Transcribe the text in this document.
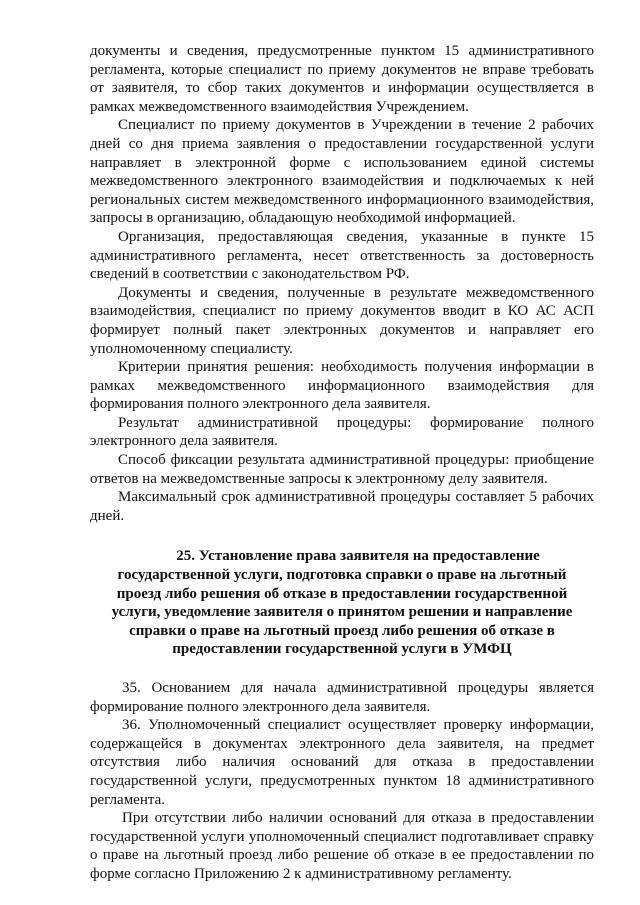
документы и сведения, предусмотренные пунктом 15 административного регламента, которые специалист по приему документов не вправе требовать от заявителя, то сбор таких документов и информации осуществляется в рамках межведомственного взаимодействия Учреждением.

Специалист по приему документов в Учреждении в течение 2 рабочих дней со дня приема заявления о предоставлении государственной услуги направляет в электронной форме с использованием единой системы межведомственного электронного взаимодействия и подключаемых к ней региональных систем межведомственного информационного взаимодействия, запросы в организацию, обладающую необходимой информацией.

Организация, предоставляющая сведения, указанные в пункте 15 административного регламента, несет ответственность за достоверность сведений в соответствии с законодательством РФ.

Документы и сведения, полученные в результате межведомственного взаимодействия, специалист по приему документов вводит в КО АС АСП формирует полный пакет электронных документов и направляет его уполномоченному специалисту.

Критерии принятия решения: необходимость получения информации в рамках межведомственного информационного взаимодействия для формирования полного электронного дела заявителя.

Результат административной процедуры: формирование полного электронного дела заявителя.

Способ фиксации результата административной процедуры: приобщение ответов на межведомственные запросы к электронному делу заявителя.

Максимальный срок административной процедуры составляет 5 рабочих дней.

25. Установление права заявителя на предоставление
государственной услуги, подготовка справки о праве на льготный
проезд либо решения об отказе в предоставлении государственной
услуги, уведомление заявителя о принятом решении и направление
справки о праве на льготный проезд либо решения об отказе в
предоставлении государственной услуги в УМФЦ

35. Основанием для начала административной процедуры является формирование полного электронного дела заявителя.

36. Уполномоченный специалист осуществляет проверку информации, содержащейся в документах электронного дела заявителя, на предмет отсутствия либо наличия оснований для отказа в предоставлении государственной услуги, предусмотренных пунктом 18 административного регламента.

При отсутствии либо наличии оснований для отказа в предоставлении государственной услуги уполномоченный специалист подготавливает справку о праве на льготный проезд либо решение об отказе в ее предоставлении по форме согласно Приложению 2 к административному регламенту.
